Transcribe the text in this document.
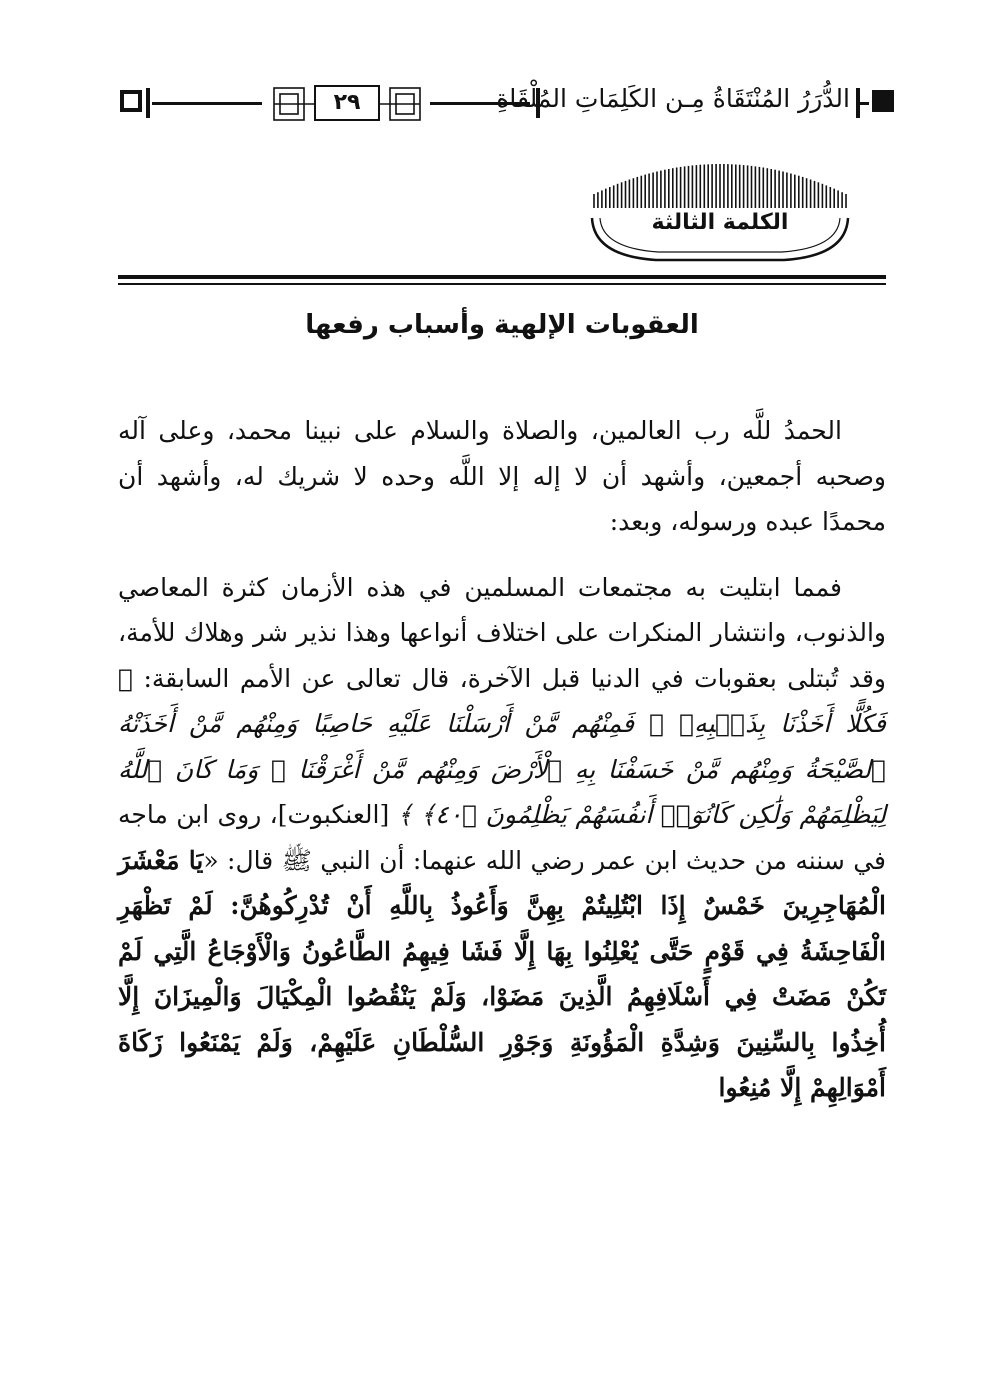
٢٩	الدُّرَرُ المُنْتَقَاةُ مِـن الكَلِمَاتِ المُلْقَاةِ
الكلمة الثالثة
العقوبات الإلهية وأسباب رفعها

الحمدُ للَّه رب العالمين، والصلاة والسلام على نبينا محمد، وعلى آله وصحبه أجمعين، وأشهد أن لا إله إلا اللَّه وحده لا شريك له، وأشهد أن محمدًا عبده ورسوله، وبعد:

فمما ابتليت به مجتمعات المسلمين في هذه الأزمان كثرة المعاصي والذنوب، وانتشار المنكرات على اختلاف أنواعها وهذا نذير شر وهلاك للأمة، وقد تُبتلى بعقوبات في الدنيا قبل الآخرة، قال تعالى عن الأمم السابقة: ﴿ فَكُلًّا أَخَذْنَا بِذَنۢبِهِۦ ۖ فَمِنْهُم مَّنْ أَرْسَلْنَا عَلَيْهِ حَاصِبًا وَمِنْهُم مَّنْ أَخَذَتْهُ ٱلصَّيْحَةُ وَمِنْهُم مَّنْ خَسَفْنَا بِهِ ٱلْأَرْضَ وَمِنْهُم مَّنْ أَغْرَقْنَا ۚ وَمَا كَانَ ٱللَّهُ لِيَظْلِمَهُمْ وَلَٰكِن كَانُوٓا۟ أَنفُسَهُمْ يَظْلِمُونَ ﴿٤٠﴾ ﴾ [العنكبوت]، روى ابن ماجه في سننه من حديث ابن عمر رضي الله عنهما: أن النبي ﷺ قال: «يَا مَعْشَرَ الْمُهَاجِرِينَ خَمْسٌ إِذَا ابْتُلِيتُمْ بِهِنَّ وَأَعُوذُ بِاللَّهِ أَنْ تُدْرِكُوهُنَّ: لَمْ تَظْهَرِ الْفَاحِشَةُ فِي قَوْمٍ حَتَّى يُعْلِنُوا بِهَا إِلَّا فَشَا فِيهِمُ الطَّاعُونُ وَالْأَوْجَاعُ الَّتِي لَمْ تَكُنْ مَضَتْ فِي أَسْلَافِهِمُ الَّذِينَ مَضَوْا، وَلَمْ يَنْقُصُوا الْمِكْيَالَ وَالْمِيزَانَ إِلَّا أُخِذُوا بِالسِّنِينَ وَشِدَّةِ الْمَؤُونَةِ وَجَوْرِ السُّلْطَانِ عَلَيْهِمْ، وَلَمْ يَمْنَعُوا زَكَاةَ أَمْوَالِهِمْ إِلَّا مُنِعُوا
